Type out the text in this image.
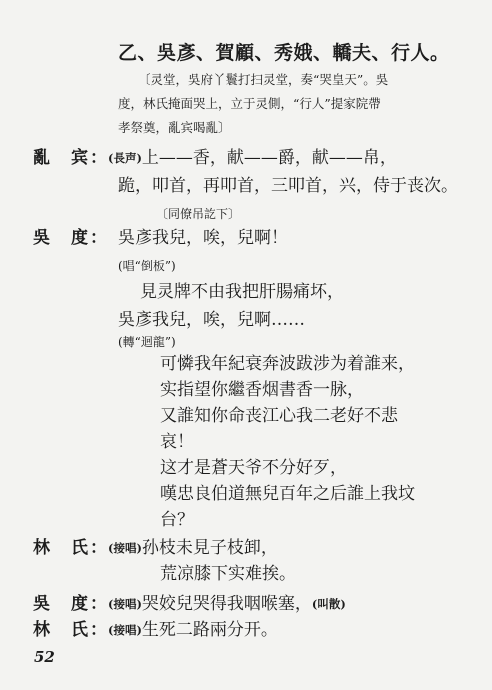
乙、吳彥、賀顧、秀娥、轎夫、行人。
〔灵堂，吳府丫鬟打扫灵堂，奏“哭皇天”。吳
度，林氏掩面哭上，立于灵側，“行人”提家院帶
孝祭奠，亂宾喝亂〕
亂　宾： (長声)上——香，献——爵，献——帛，
跪，叩首，再叩首，三叩首，兴，侍于丧次。
〔同僚吊訖下〕
吳　度： 吳彥我兒，唉，兒啊！
(唱“倒板”)
見灵牌不由我把肝腸痛坏，
吳彥我兒，唉，兒啊……
(轉“迴龍”)
可憐我年紀衰奔波跋涉为着誰来，
实指望你繼香烟書香一脉，
又誰知你命丧江心我二老好不悲
哀！
这才是蒼天爷不分好歹，
嘆忠良伯道無兒百年之后誰上我坟
台？
林　氏： (接唱)孙枝未見子枝卸，
荒凉膝下实难挨。
吳　度： (接唱)哭姣兒哭得我咽喉塞，(叫散)
林　氏： (接唱)生死二路兩分开。
52
